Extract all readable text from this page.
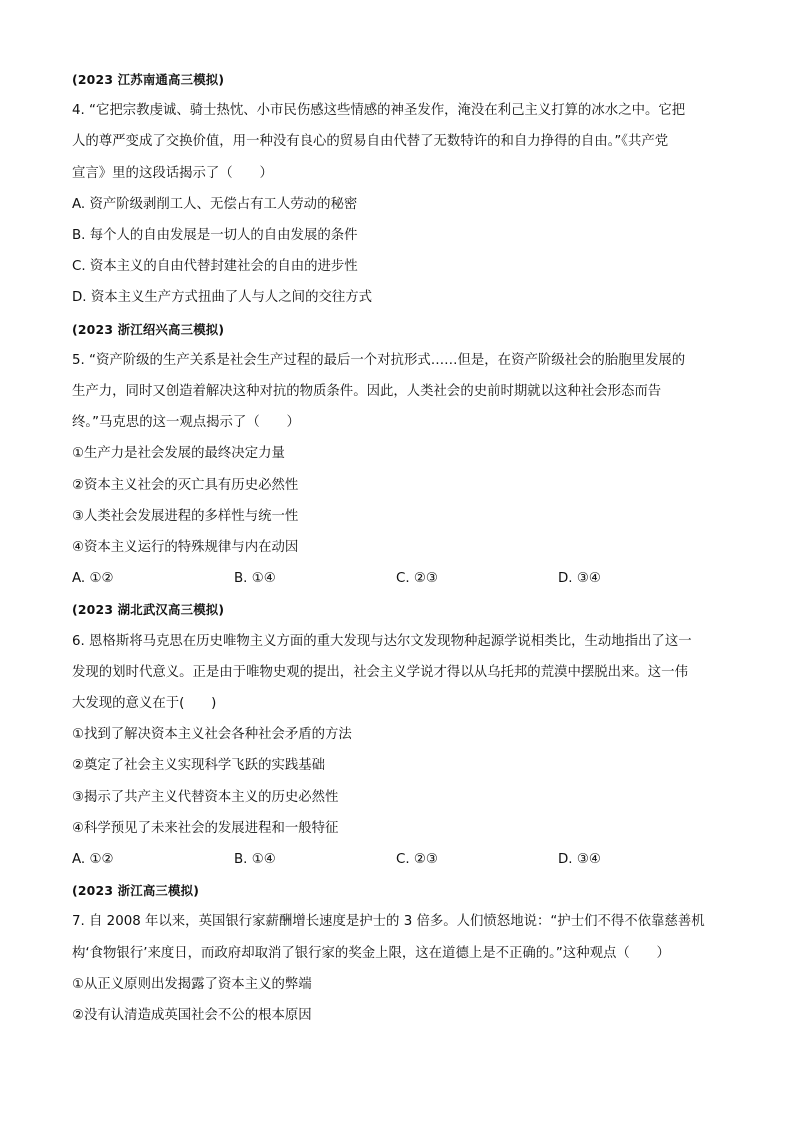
(2023 江苏南通高三模拟)

4. “它把宗教虔诚、骑士热忱、小市民伤感这些情感的神圣发作，淹没在利己主义打算的冰水之中。它把

人的尊严变成了交换价值，用一种没有良心的贸易自由代替了无数特许的和自力挣得的自由。”《共产党

宣言》里的这段话揭示了（　　）

A. 资产阶级剥削工人、无偿占有工人劳动的秘密

B. 每个人的自由发展是一切人的自由发展的条件

C. 资本主义的自由代替封建社会的自由的进步性

D. 资本主义生产方式扭曲了人与人之间的交往方式

(2023 浙江绍兴高三模拟)

5. “资产阶级的生产关系是社会生产过程的最后一个对抗形式……但是，在资产阶级社会的胎胞里发展的

生产力，同时又创造着解决这种对抗的物质条件。因此，人类社会的史前时期就以这种社会形态而告

终。”马克思的这一观点揭示了（　　）

①生产力是社会发展的最终决定力量

②资本主义社会的灭亡具有历史必然性

③人类社会发展进程的多样性与统一性

④资本主义运行的特殊规律与内在动因

A. ①②	B. ①④	C. ②③	D. ③④

(2023 湖北武汉高三模拟)

6. 恩格斯将马克思在历史唯物主义方面的重大发现与达尔文发现物种起源学说相类比，生动地指出了这一

发现的划时代意义。正是由于唯物史观的提出，社会主义学说才得以从乌托邦的荒漠中摆脱出来。这一伟

大发现的意义在于(　　)

①找到了解决资本主义社会各种社会矛盾的方法

②奠定了社会主义实现科学飞跃的实践基础

③揭示了共产主义代替资本主义的历史必然性

④科学预见了未来社会的发展进程和一般特征

A. ①②	B. ①④	C. ②③	D. ③④

(2023 浙江高三模拟)

7. 自 2008 年以来，英国银行家薪酬增长速度是护士的 3 倍多。人们愤怒地说：“护士们不得不依靠慈善机

构‘食物银行’来度日，而政府却取消了银行家的奖金上限，这在道德上是不正确的。”这种观点（　　）

①从正义原则出发揭露了资本主义的弊端

②没有认清造成英国社会不公的根本原因
